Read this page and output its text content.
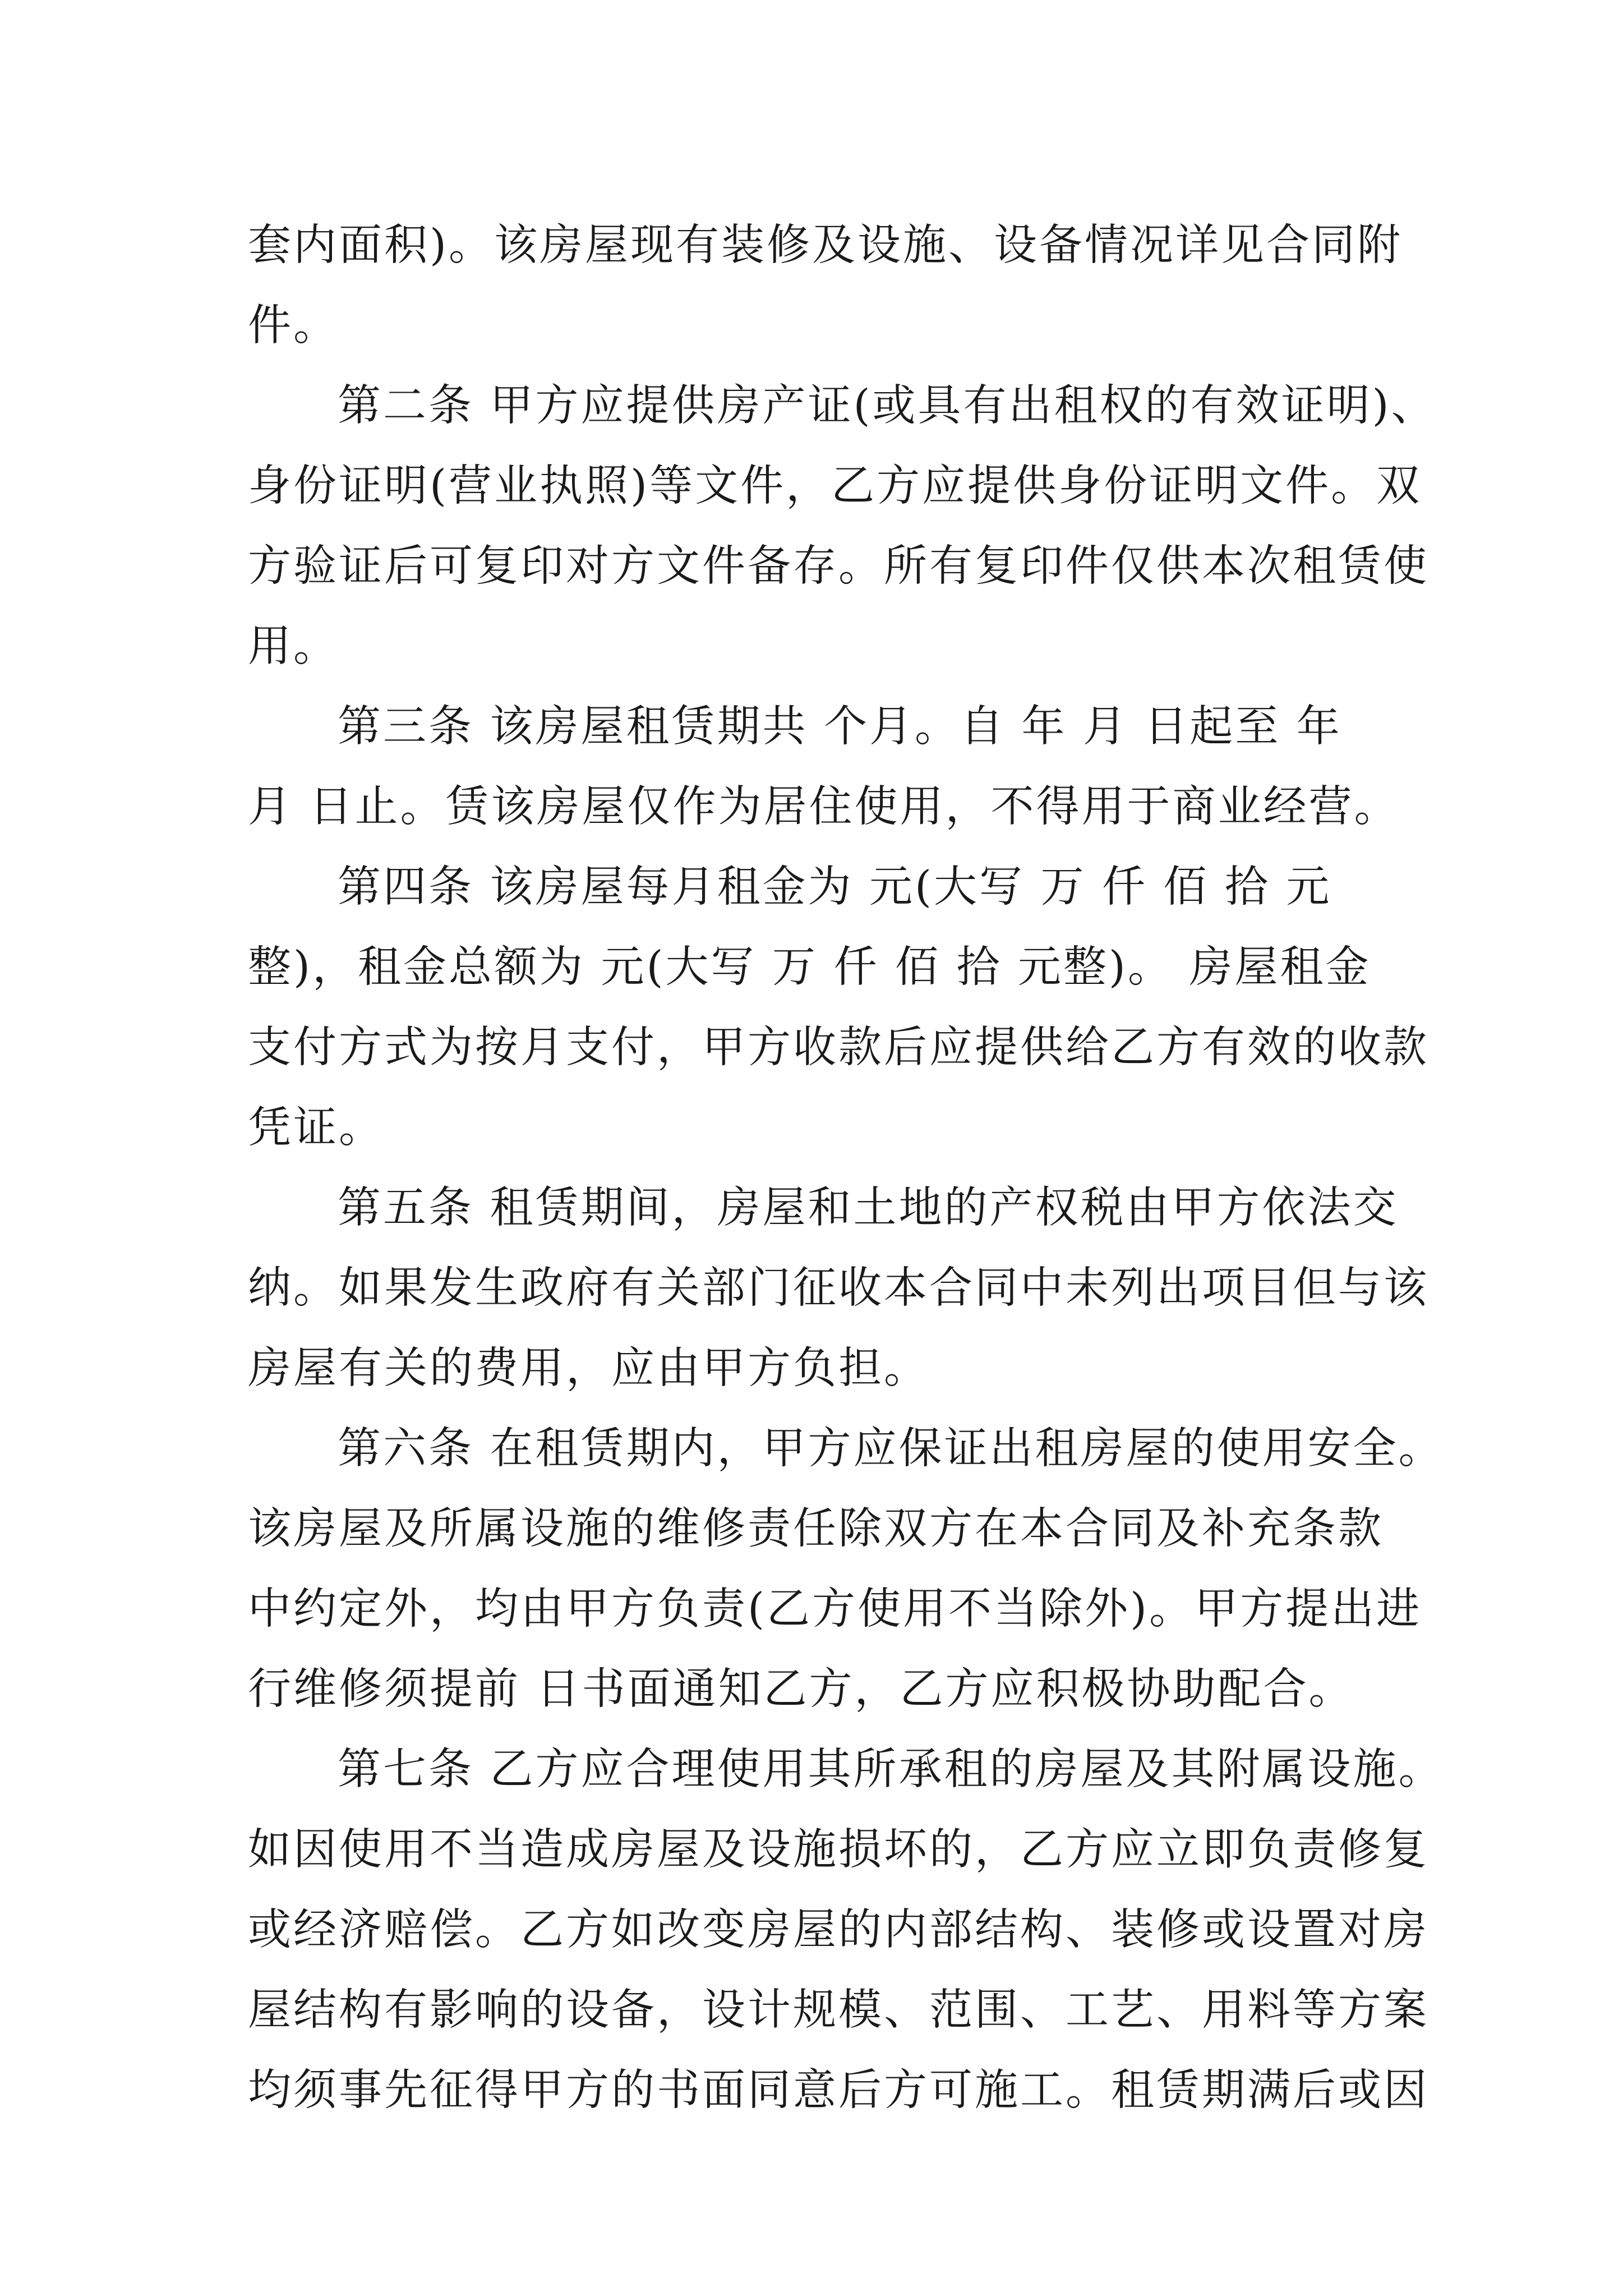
套内面积)。该房屋现有装修及设施、设备情况详见合同附
件。
第二条 甲方应提供房产证(或具有出租权的有效证明)、
身份证明(营业执照)等文件，乙方应提供身份证明文件。双
方验证后可复印对方文件备存。所有复印件仅供本次租赁使
用。
第三条 该房屋租赁期共 个月。自 年 月 日起至 年
月 日止。赁该房屋仅作为居住使用，不得用于商业经营。
第四条 该房屋每月租金为 元(大写 万 仟 佰 拾 元
整)，租金总额为 元(大写 万 仟 佰 拾 元整)。 房屋租金
支付方式为按月支付，甲方收款后应提供给乙方有效的收款
凭证。
第五条 租赁期间，房屋和土地的产权税由甲方依法交
纳。如果发生政府有关部门征收本合同中未列出项目但与该
房屋有关的费用，应由甲方负担。
第六条 在租赁期内，甲方应保证出租房屋的使用安全。
该房屋及所属设施的维修责任除双方在本合同及补充条款
中约定外，均由甲方负责(乙方使用不当除外)。甲方提出进
行维修须提前 日书面通知乙方，乙方应积极协助配合。
第七条 乙方应合理使用其所承租的房屋及其附属设施。
如因使用不当造成房屋及设施损坏的，乙方应立即负责修复
或经济赔偿。乙方如改变房屋的内部结构、装修或设置对房
屋结构有影响的设备，设计规模、范围、工艺、用料等方案
均须事先征得甲方的书面同意后方可施工。租赁期满后或因
